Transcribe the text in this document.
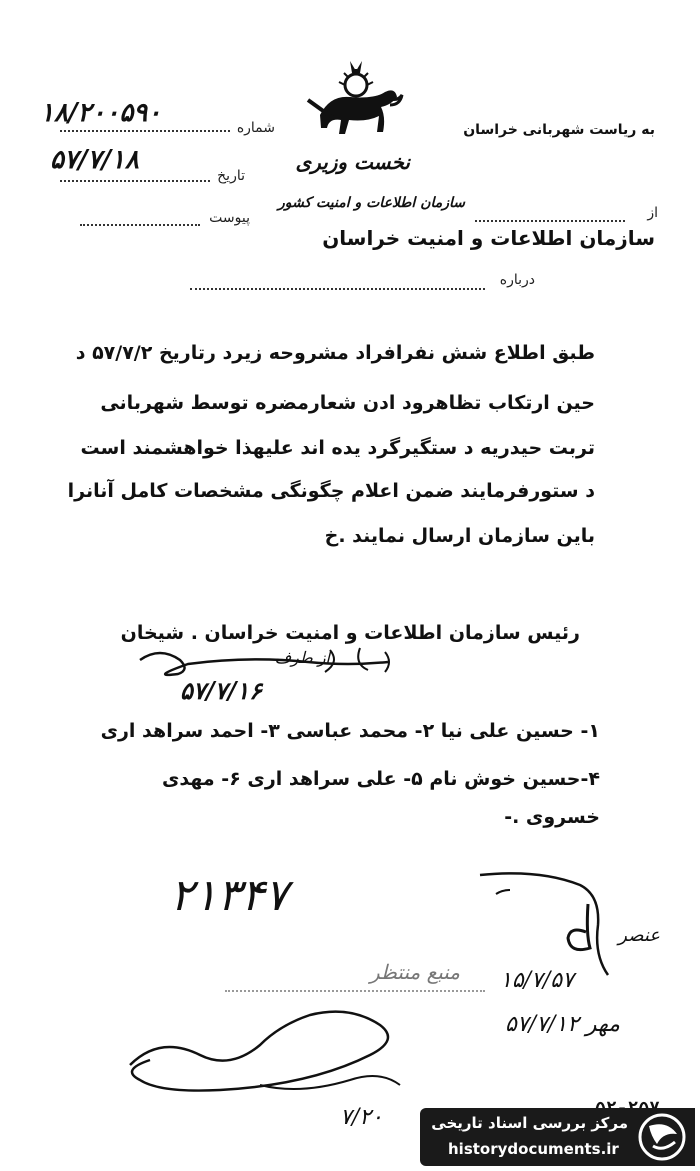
۱۸/۲۰۰۵۹۰	شماره
۵۷/۷/۱۸
تاریخ
پیوست
به ریاست شهربانی خراسان
نخست وزیری
سازمان اطلاعات و امنیت کشور
از
سازمان اطلاعات و امنیت خراسان
درباره
طبق اطلاع شش نفرافراد مشروحه زیرد رتاریخ ۵۷/۷/۲ د
حین ارتکاب تظاهرود ادن شعارمضره توسط شهربانی
تربت حیدریه د ستگیرگرد یده اند علیهذا خواهشمند است
د ستورفرمایند ضمن اعلام چگونگی مشخصات کامل آنانرا
باین سازمان ارسال نمایند .خ
رئیس سازمان اطلاعات و امنیت خراسان . شیخان
از طرف
۵۷/۷/۱۶
۱- حسین علی نیا ۲- محمد عباسی ۳- احمد سراهد اری
۴-حسین خوش نام ۵- علی سراهد اری ۶- مهدی
خسروی .-
۲۱۳۴۷
عنصر
منبع منتظر ۱۵/۷/۵۷
مهر ۵۷/۷/۱۲
۷/۲۰	مرکز بررسی اسناد تاریخی
historydocuments.ir
